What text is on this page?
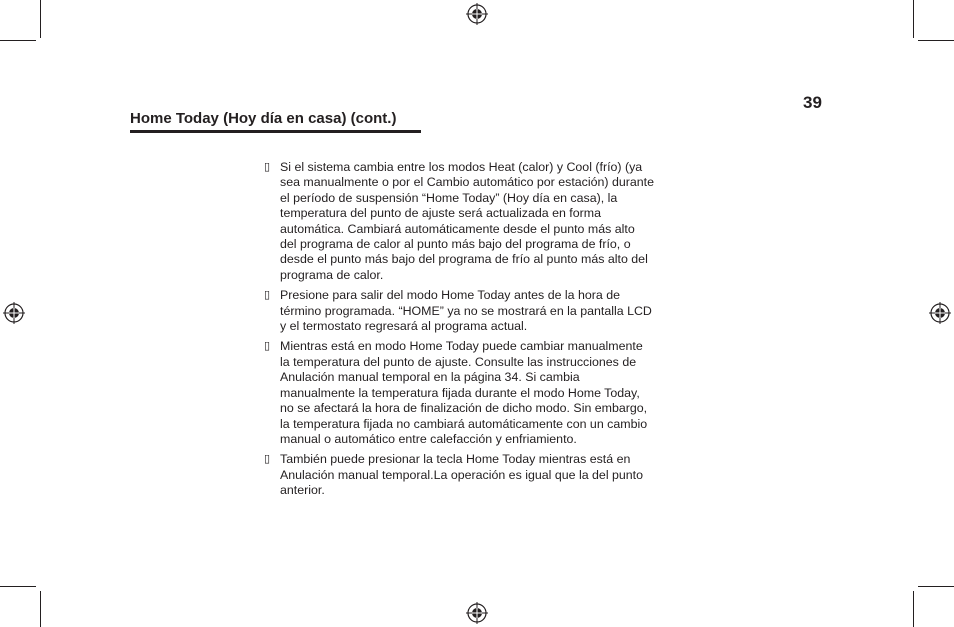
39
Home Today (Hoy día en casa) (cont.)
▯ Si el sistema cambia entre los modos Heat (calor) y Cool (frío) (ya sea manualmente o por el Cambio automático por estación) durante el período de suspensión “Home Today” (Hoy día en casa), la temperatura del punto de ajuste será actualizada en forma automática. Cambiará automáticamente desde el punto más alto del programa de calor al punto más bajo del programa de frío, o desde el punto más bajo del programa de frío al punto más alto del programa de calor.
▯ Presione para salir del modo Home Today antes de la hora de término programada. “HOME” ya no se mostrará en la pantalla LCD y el termostato regresará al programa actual.
▯ Mientras está en modo Home Today puede cambiar manualmente la temperatura del punto de ajuste. Consulte las instrucciones de Anulación manual temporal en la página 34. Si cambia manualmente la temperatura fijada durante el modo Home Today, no se afectará la hora de finalización de dicho modo. Sin embargo, la temperatura fijada no cambiará automáticamente con un cambio manual o automático entre calefacción y enfriamiento.
▯ También puede presionar la tecla Home Today mientras está en Anulación manual temporal.La operación es igual que la del punto anterior.
